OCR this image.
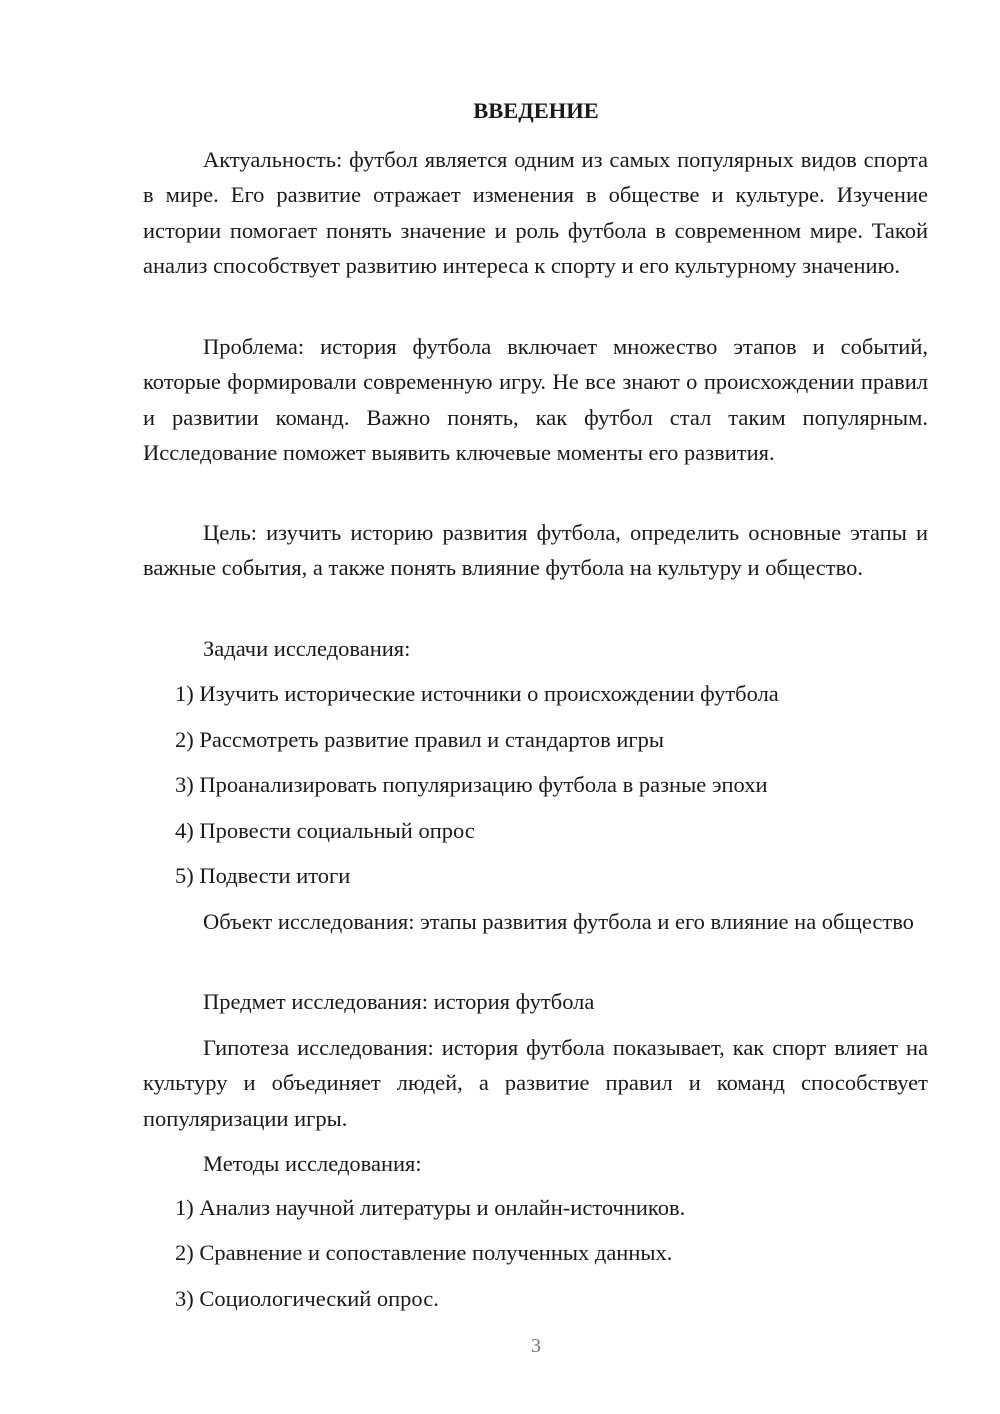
ВВЕДЕНИЕ

Актуальность: футбол является одним из самых популярных видов спорта в мире. Его развитие отражает изменения в обществе и культуре. Изучение истории помогает понять значение и роль футбола в современном мире. Такой анализ способствует развитию интереса к спорту и его культурному значению.

Проблема: история футбола включает множество этапов и событий, которые формировали современную игру. Не все знают о происхождении правил и развитии команд. Важно понять, как футбол стал таким популярным. Исследование поможет выявить ключевые моменты его развития.

Цель: изучить историю развития футбола, определить основные этапы и важные события, а также понять влияние футбола на культуру и общество.

Задачи исследования:
1) Изучить исторические источники о происхождении футбола
2) Рассмотреть развитие правил и стандартов игры
3) Проанализировать популяризацию футбола в разные эпохи
4) Провести социальный опрос
5) Подвести итоги

Объект исследования: этапы развития футбола и его влияние на общество

Предмет исследования: история футбола

Гипотеза исследования: история футбола показывает, как спорт влияет на культуру и объединяет людей, а развитие правил и команд способствует популяризации игры.

Методы исследования:
1) Анализ научной литературы и онлайн-источников.
2) Сравнение и сопоставление полученных данных.
3) Социологический опрос.
3
